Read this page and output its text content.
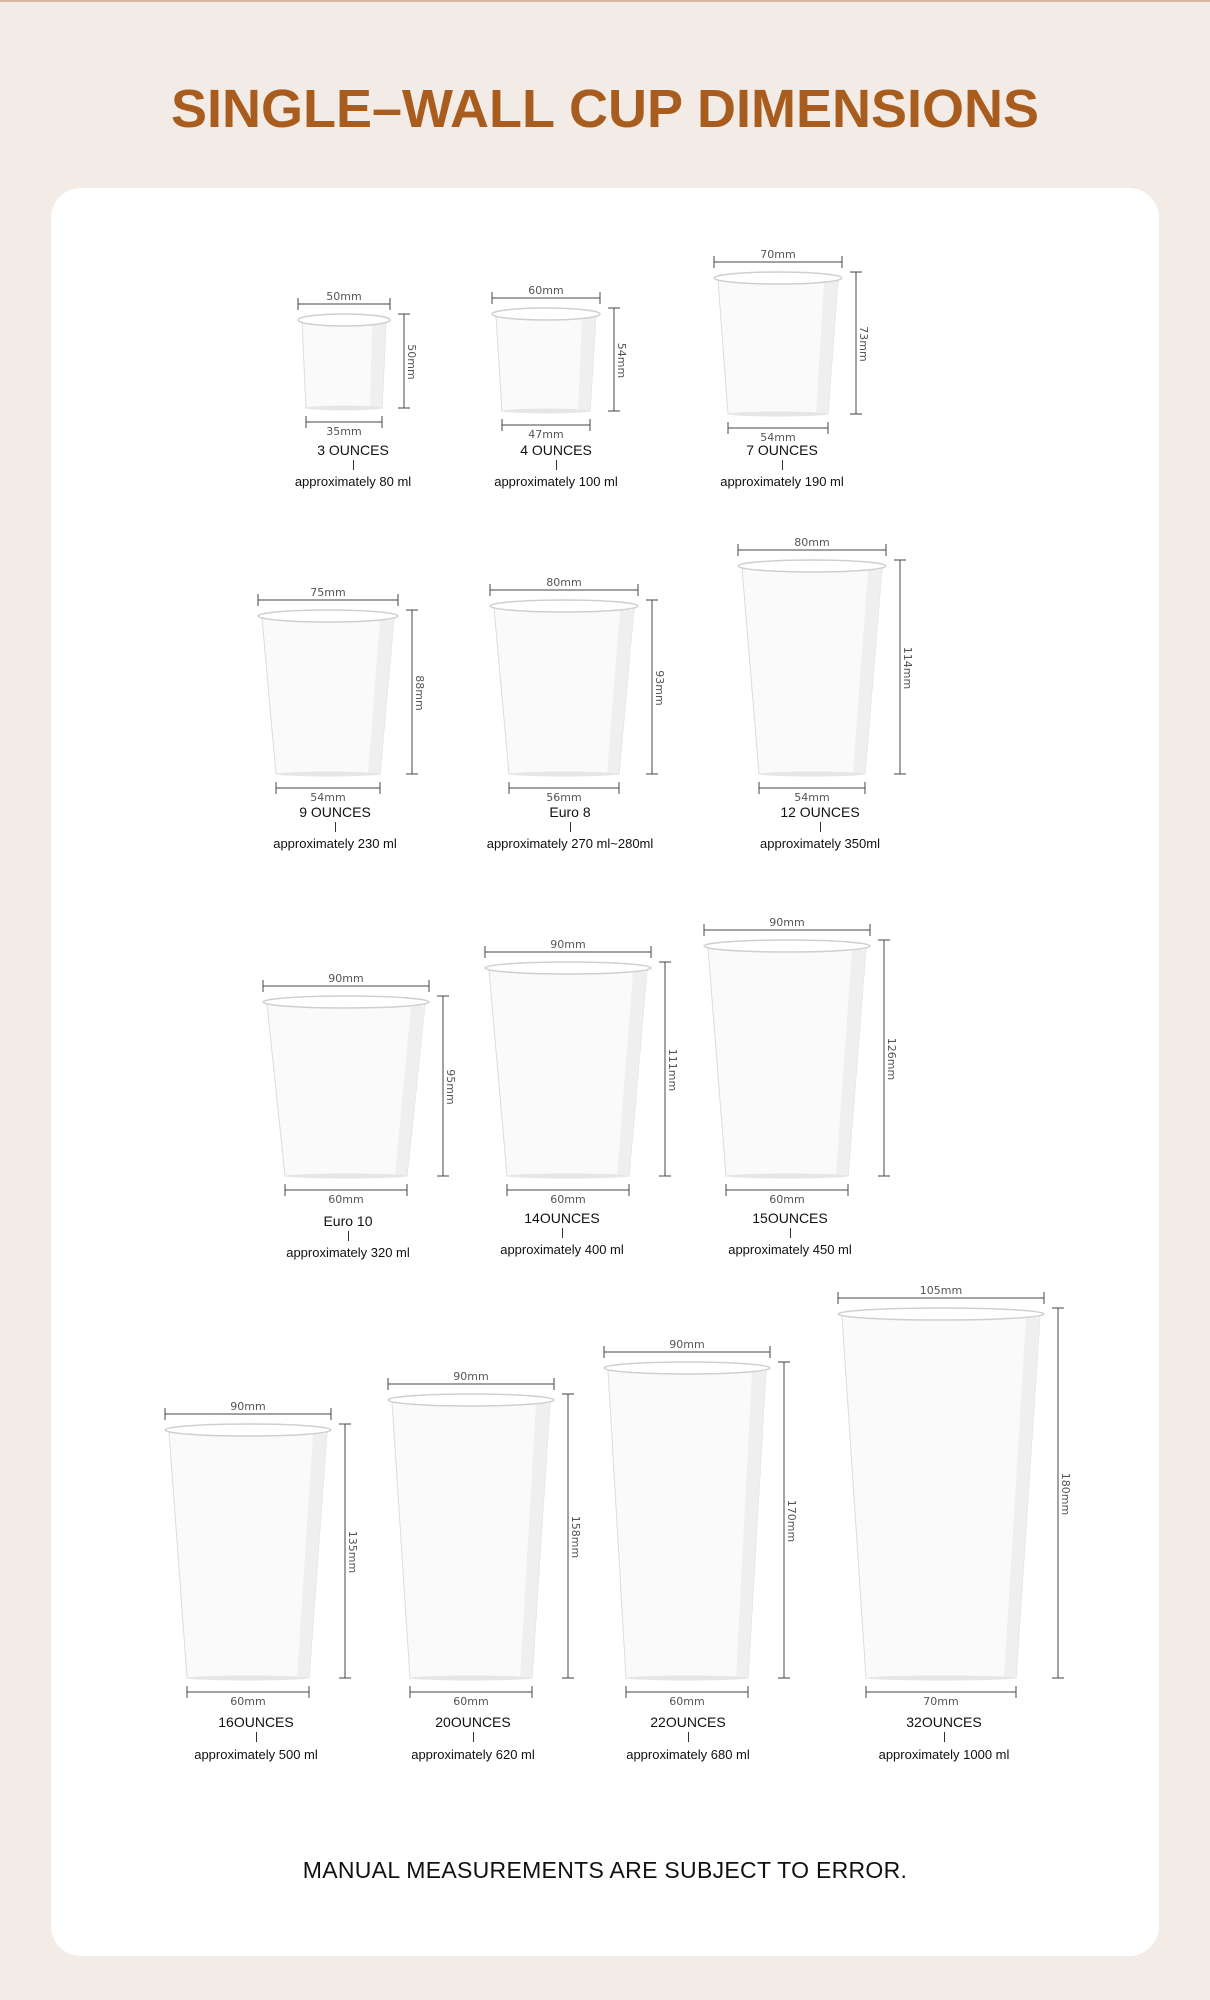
SINGLE–WALL CUP DIMENSIONS
50mm
50mm
35mm
3 OUNCES
approximately 80 ml
60mm
54mm
47mm
4 OUNCES
approximately 100 ml
70mm
73mm
54mm
7 OUNCES
approximately 190 ml
75mm
88mm
54mm
9 OUNCES
approximately 230 ml
80mm
93mm
56mm
Euro 8
approximately 270 ml~280ml
80mm
114mm
54mm
12 OUNCES
approximately 350ml
90mm
95mm
60mm
Euro 10
approximately 320 ml
90mm
111mm
60mm
14OUNCES
approximately 400 ml
90mm
126mm
60mm
15OUNCES
approximately 450 ml
90mm
135mm
60mm
16OUNCES
approximately 500 ml
90mm
158mm
60mm
20OUNCES
approximately 620 ml
90mm
170mm
60mm
22OUNCES
approximately 680 ml
105mm
180mm
70mm
32OUNCES
approximately 1000 ml
MANUAL MEASUREMENTS ARE SUBJECT TO ERROR.
